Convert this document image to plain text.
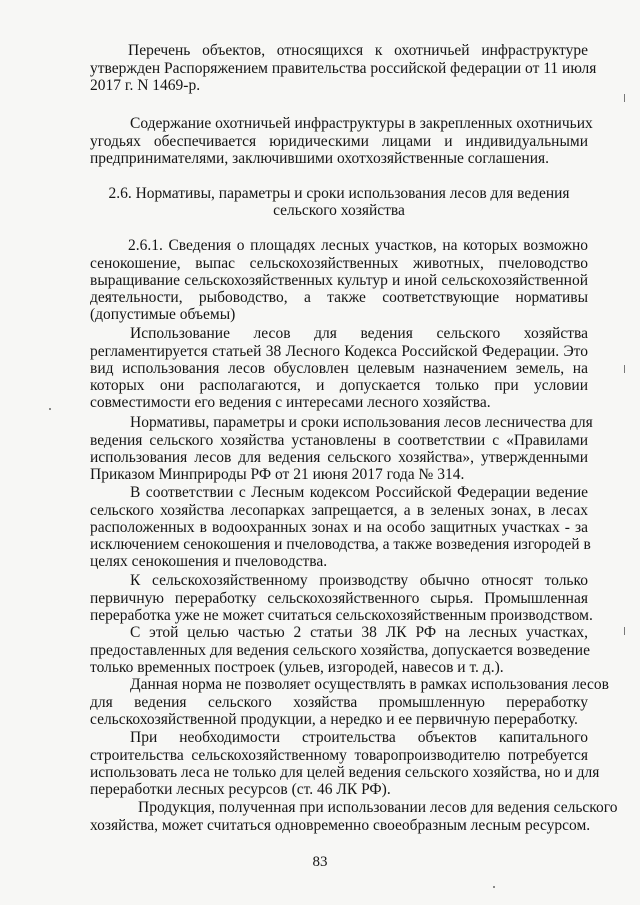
Перечень объектов, относящихся к охотничьей инфраструктуре
утвержден Распоряжением правительства российской федерации от 11 июля
2017 г. N 1469-р.
Содержание охотничьей инфраструктуры в закрепленных охотничьих
угодьях обеспечивается юридическими лицами и индивидуальными
предпринимателями, заключившими охотхозяйственные соглашения.
2.6. Нормативы, параметры и сроки использования лесов для ведения
сельского хозяйства
2.6.1. Сведения о площадях лесных участков, на которых возможно
сенокошение, выпас сельскохозяйственных животных, пчеловодство
выращивание сельскохозяйственных культур и иной сельскохозяйственной
деятельности, рыбоводство, а также соответствующие нормативы
(допустимые объемы)
Использование лесов для ведения сельского хозяйства
регламентируется статьей 38 Лесного Кодекса Российской Федерации. Это
вид использования лесов обусловлен целевым назначением земель, на
которых они располагаются, и допускается только при условии
совместимости его ведения с интересами лесного хозяйства.
Нормативы, параметры и сроки использования лесов лесничества для
ведения сельского хозяйства установлены в соответствии с «Правилами
использования лесов для ведения сельского хозяйства», утвержденными
Приказом Минприроды РФ от 21 июня 2017 года № 314.
В соответствии с Лесным кодексом Российской Федерации ведение
сельского хозяйства лесопарках запрещается, а в зеленых зонах, в лесах
расположенных в водоохранных зонах и на особо защитных участках - за
исключением сенокошения и пчеловодства, а также возведения изгородей в
целях сенокошения и пчеловодства.
К сельскохозяйственному производству обычно относят только
первичную переработку сельскохозяйственного сырья. Промышленная
переработка уже не может считаться сельскохозяйственным производством.
С этой целью частью 2 статьи 38 ЛК РФ на лесных участках,
предоставленных для ведения сельского хозяйства, допускается возведение
только временных построек (ульев, изгородей, навесов и т. д.).
Данная норма не позволяет осуществлять в рамках использования лесов
для ведения сельского хозяйства промышленную переработку
сельскохозяйственной продукции, а нередко и ее первичную переработку.
При необходимости строительства объектов капитального
строительства сельскохозяйственному товаропроизводителю потребуется
использовать леса не только для целей ведения сельского хозяйства, но и для
переработки лесных ресурсов (ст. 46 ЛК РФ).
Продукция, полученная при использовании лесов для ведения сельского
хозяйства, может считаться одновременно своеобразным лесным ресурсом.
83
